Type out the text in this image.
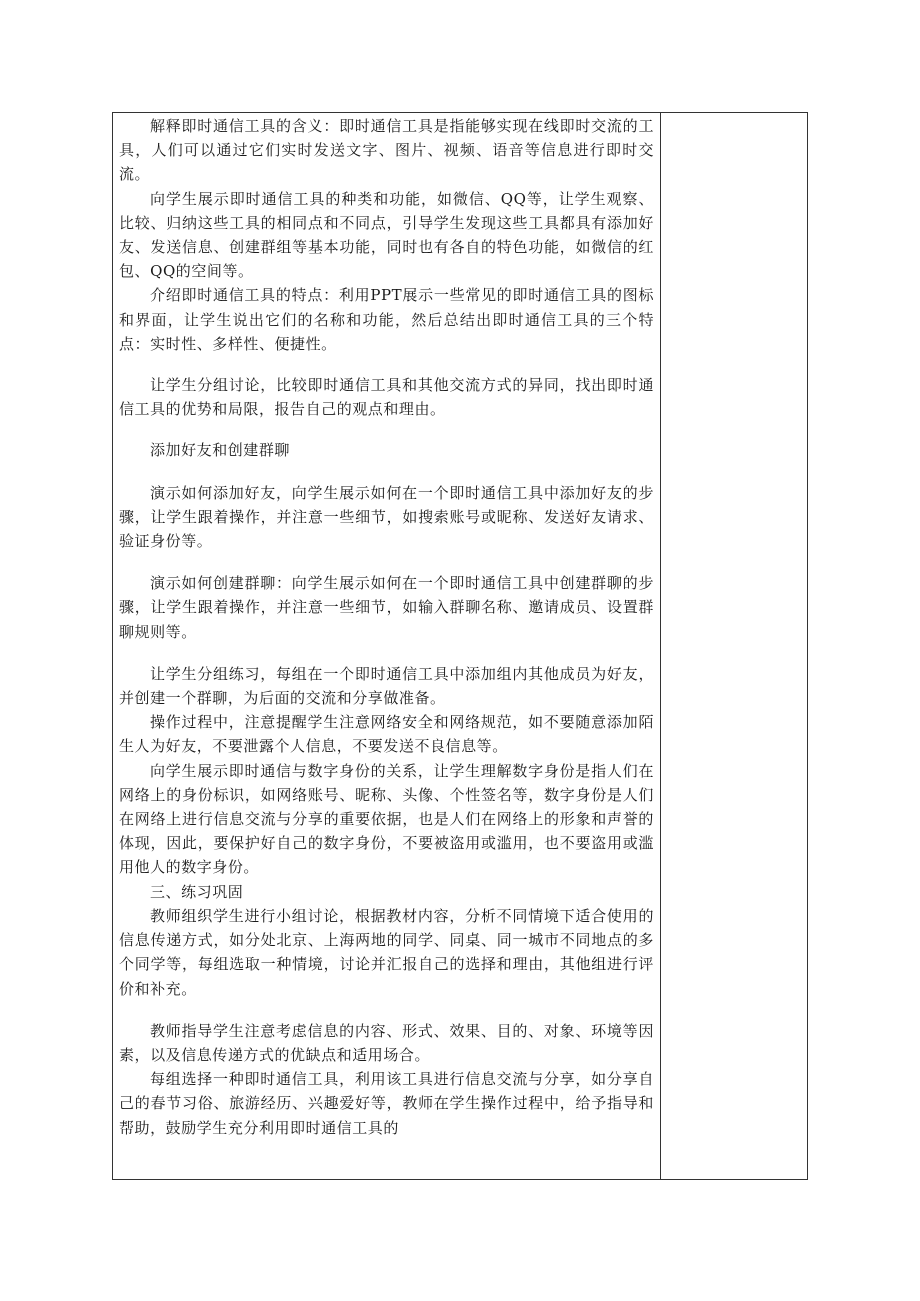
解释即时通信工具的含义：即时通信工具是指能够实现在线即时交流的工具，人们可以通过它们实时发送文字、图片、视频、语音等信息进行即时交流。

向学生展示即时通信工具的种类和功能，如微信、QQ等，让学生观察、比较、归纳这些工具的相同点和不同点，引导学生发现这些工具都具有添加好友、发送信息、创建群组等基本功能，同时也有各自的特色功能，如微信的红包、QQ的空间等。

介绍即时通信工具的特点：利用PPT展示一些常见的即时通信工具的图标和界面，让学生说出它们的名称和功能，然后总结出即时通信工具的三个特点：实时性、多样性、便捷性。

让学生分组讨论，比较即时通信工具和其他交流方式的异同，找出即时通信工具的优势和局限，报告自己的观点和理由。

添加好友和创建群聊

演示如何添加好友，向学生展示如何在一个即时通信工具中添加好友的步骤，让学生跟着操作，并注意一些细节，如搜索账号或昵称、发送好友请求、验证身份等。

演示如何创建群聊：向学生展示如何在一个即时通信工具中创建群聊的步骤，让学生跟着操作，并注意一些细节，如输入群聊名称、邀请成员、设置群聊规则等。

让学生分组练习，每组在一个即时通信工具中添加组内其他成员为好友，并创建一个群聊，为后面的交流和分享做准备。

操作过程中，注意提醒学生注意网络安全和网络规范，如不要随意添加陌生人为好友，不要泄露个人信息，不要发送不良信息等。

向学生展示即时通信与数字身份的关系，让学生理解数字身份是指人们在网络上的身份标识，如网络账号、昵称、头像、个性签名等，数字身份是人们在网络上进行信息交流与分享的重要依据，也是人们在网络上的形象和声誉的体现，因此，要保护好自己的数字身份，不要被盗用或滥用，也不要盗用或滥用他人的数字身份。

三、练习巩固

教师组织学生进行小组讨论，根据教材内容，分析不同情境下适合使用的信息传递方式，如分处北京、上海两地的同学、同桌、同一城市不同地点的多个同学等，每组选取一种情境，讨论并汇报自己的选择和理由，其他组进行评价和补充。

教师指导学生注意考虑信息的内容、形式、效果、目的、对象、环境等因素，以及信息传递方式的优缺点和适用场合。

每组选择一种即时通信工具，利用该工具进行信息交流与分享，如分享自己的春节习俗、旅游经历、兴趣爱好等，教师在学生操作过程中，给予指导和帮助，鼓励学生充分利用即时通信工具的
